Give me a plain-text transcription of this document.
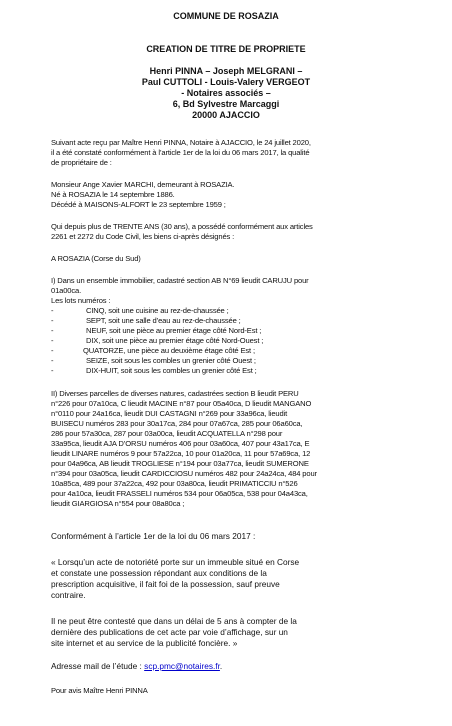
COMMUNE DE ROSAZIA
CREATION DE TITRE DE PROPRIETE
Henri PINNA – Joseph MELGRANI –
Paul CUTTOLI - Louis-Valery VERGEOT
- Notaires associés –
6, Bd Sylvestre Marcaggi
20000 AJACCIO
Suivant acte reçu par Maître Henri PINNA, Notaire à AJACCIO, le 24 juillet 2020,
il a été constaté conformément à l’article 1er de la loi du 06 mars 2017, la qualité
de propriétaire de :
Monsieur Ange Xavier MARCHI, demeurant à ROSAZIA.
Né à ROSAZIA le 14 septembre 1886.
Décédé à MAISONS-ALFORT le 23 septembre 1959 ;
Qui depuis plus de TRENTE ANS (30 ans), a possédé conformément aux articles
2261 et 2272 du Code Civil, les biens ci-après désignés :
A ROSAZIA (Corse du Sud)
I) Dans un ensemble immobilier, cadastré section AB N°69 lieudit CARUJU pour
01a00ca.
Les lots numéros :
-	CINQ, soit une cuisine au rez-de-chaussée ;
-	SEPT, soit une salle d’eau au rez-de-chaussée ;
-	NEUF, soit une pièce au premier étage côté Nord-Est ;
-	DIX, soit une pièce au premier étage côté Nord-Ouest ;
-	QUATORZE, une pièce au deuxième étage côté Est ;
-	SEIZE, soit sous les combles un grenier côté Ouest ;
-	DIX-HUIT, soit sous les combles un grenier côté Est ;
II) Diverses parcelles de diverses natures, cadastrées section B lieudit PERU
n°226 pour 07a10ca, C lieudit MACINE n°87 pour 05a40ca, D lieudit MANGANO
n°0110 pour 24a16ca, lieudit DUI CASTAGNI n°269 pour 33a96ca, lieudit
BUISECU numéros 283 pour 30a17ca, 284 pour 07a67ca, 285 pour 06a60ca,
286 pour 57a30ca, 287 pour 03a00ca, lieudit ACQUATELLA n°298 pour
33a95ca, lieudit AJA D’ORSU numéros 406 pour 03a60ca, 407 pour 43a17ca, E
lieudit LINARE numéros 9 pour 57a22ca, 10 pour 01a20ca, 11 pour 57a69ca, 12
pour 04a96ca, AB lieudit TROGLIESE n°194 pour 03a77ca, lieudit SUMERONE
n°394 pour 03a05ca, lieudit CARDICCIOSU numéros 482 pour 24a24ca, 484 pour
10a85ca, 489 pour 37a22ca, 492 pour 03a80ca, lieudit PRIMATICCIU n°526
pour 4a10ca, lieudit FRASSELI numéros 534 pour 06a05ca, 538 pour 04a43ca,
lieudit GIARGIOSA n°554 pour 08a80ca ;
Conformément à l’article 1er de la loi du 06 mars 2017 :
« Lorsqu’un acte de notoriété porte sur un immeuble situé en Corse
et constate une possession répondant aux conditions de la
prescription acquisitive, il fait foi de la possession, sauf preuve
contraire.
Il ne peut être contesté que dans un délai de 5 ans à compter de la
dernière des publications de cet acte par voie d’affichage, sur un
site internet et au service de la publicité foncière. »
Adresse mail de l’étude : scp.pmc@notaires.fr.
Pour avis Maître Henri PINNA
